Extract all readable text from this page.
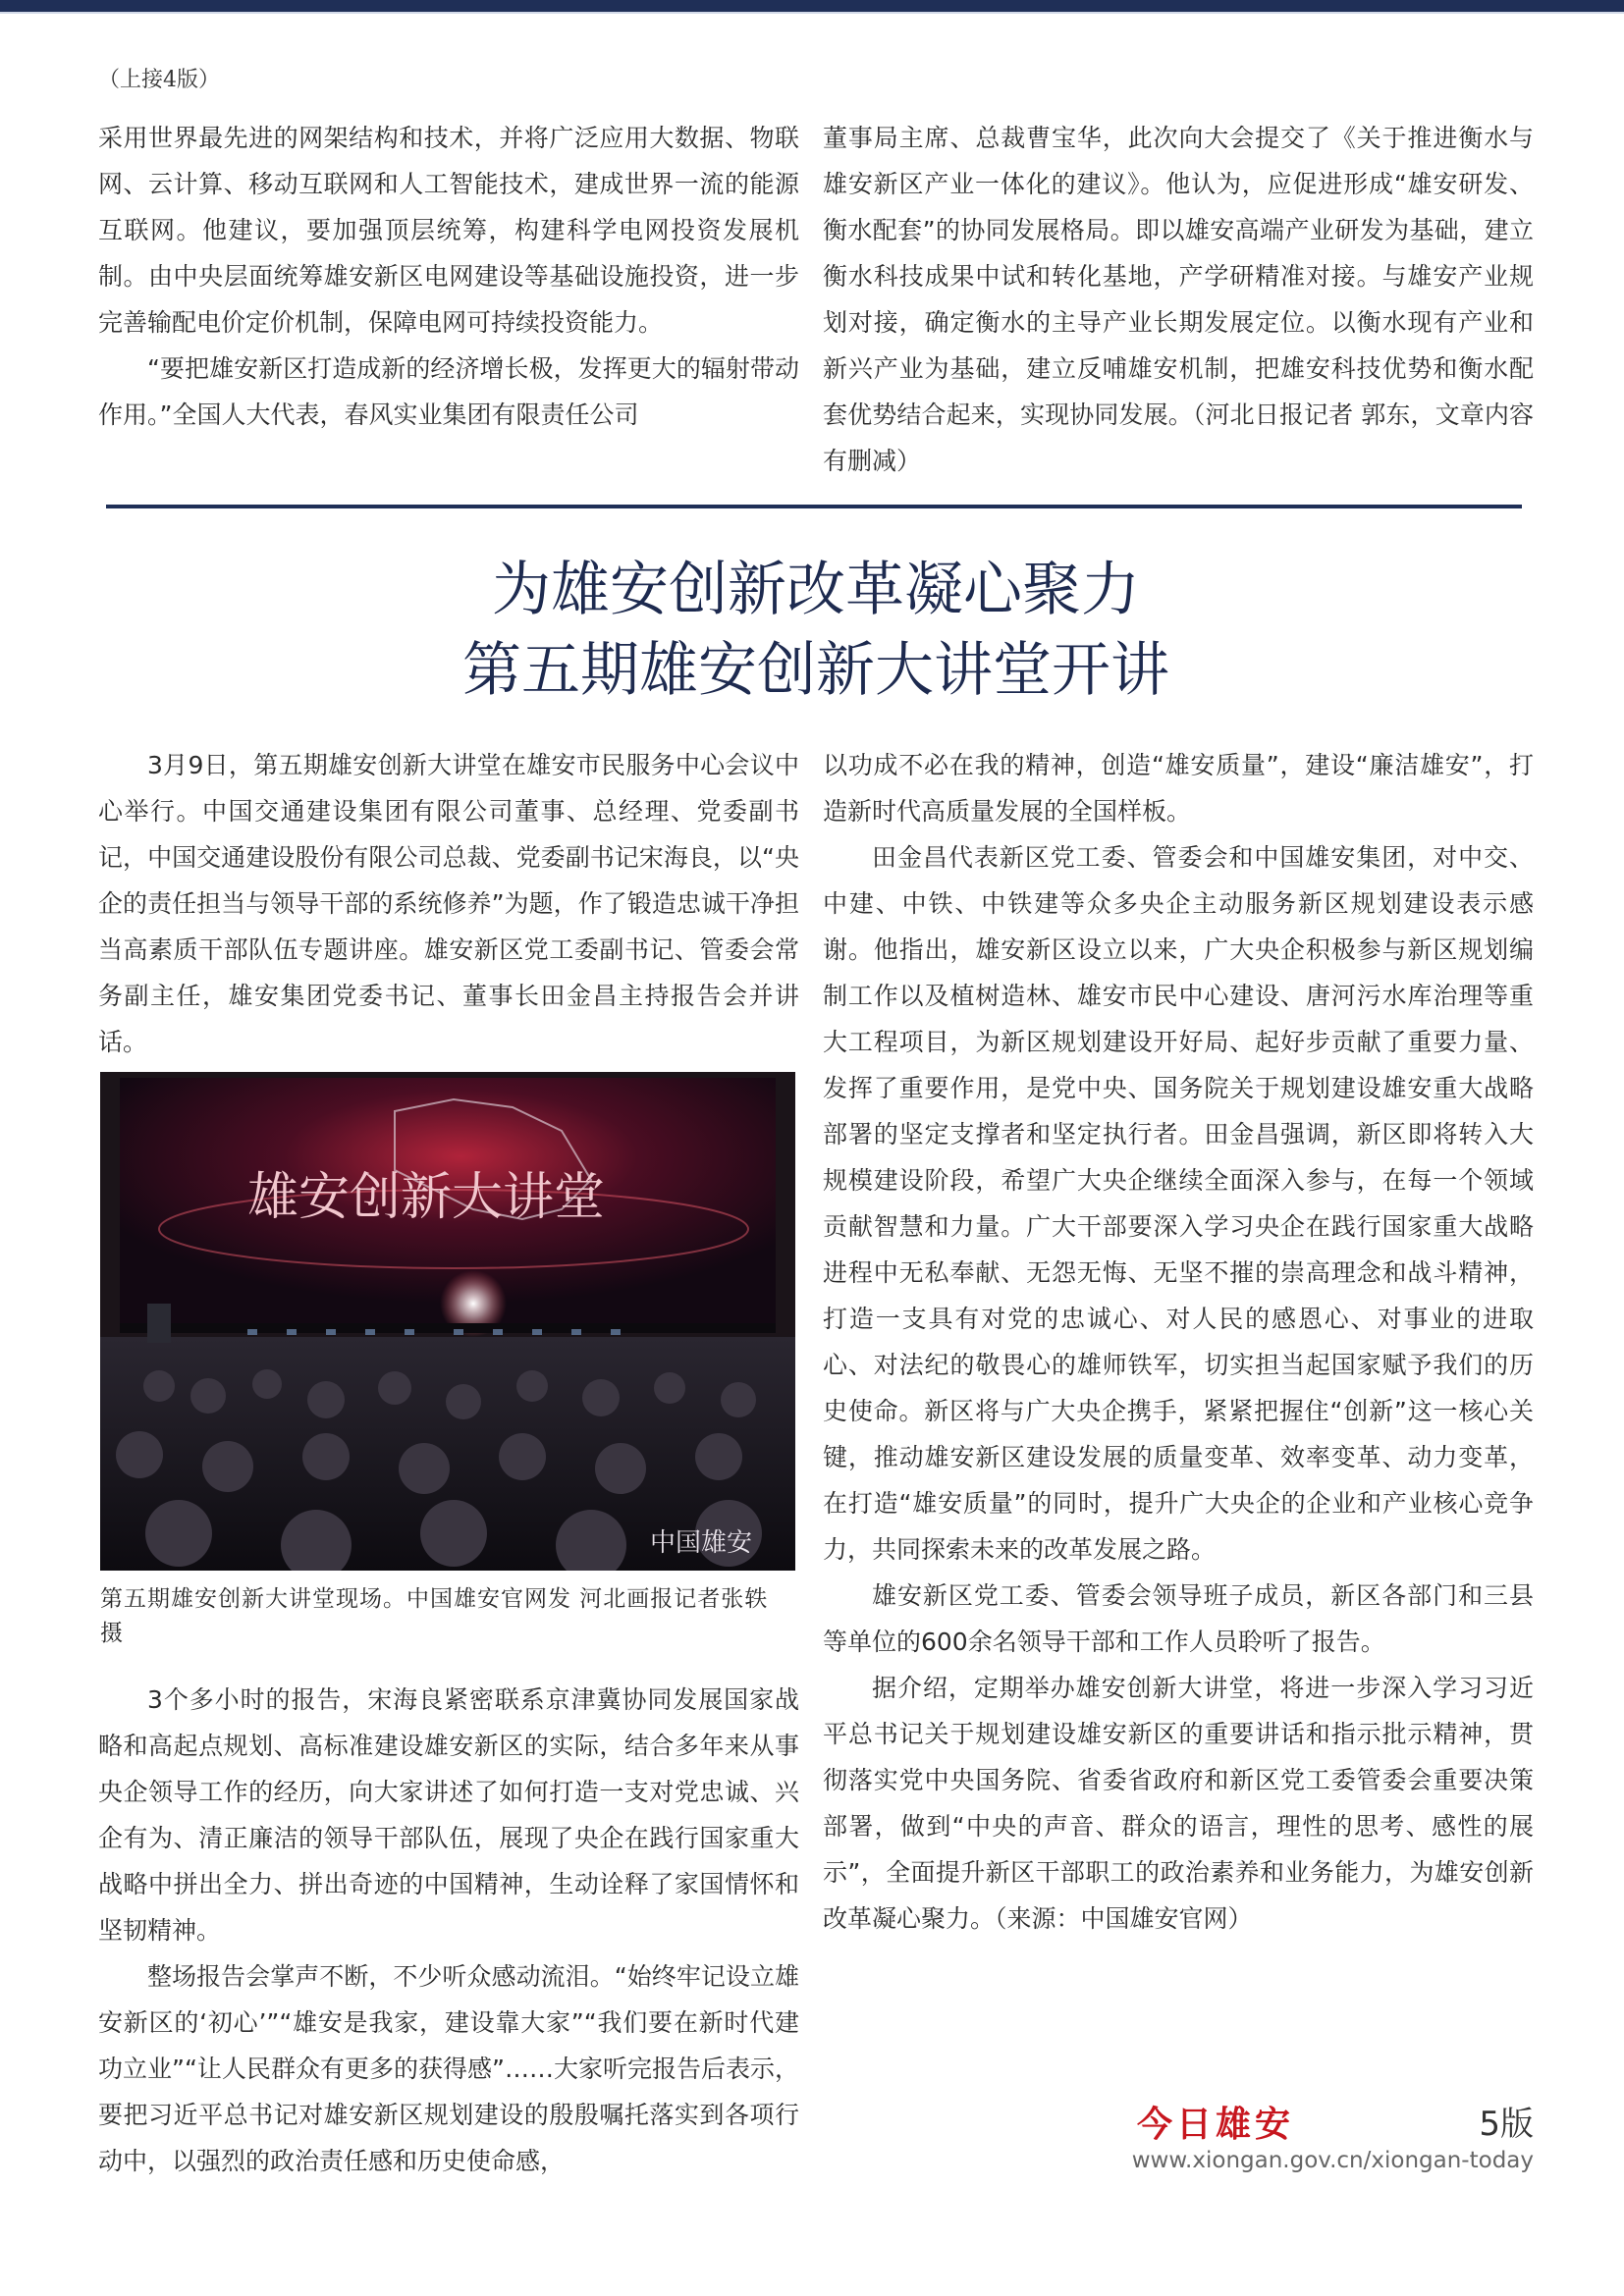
（上接4版）

采用世界最先进的网架结构和技术，并将广泛应用大数据、物联网、云计算、移动互联网和人工智能技术，建成世界一流的能源互联网。他建议，要加强顶层统筹，构建科学电网投资发展机制。由中央层面统筹雄安新区电网建设等基础设施投资，进一步完善输配电价定价机制，保障电网可持续投资能力。

“要把雄安新区打造成新的经济增长极，发挥更大的辐射带动作用。”全国人大代表，春风实业集团有限责任公司

董事局主席、总裁曹宝华，此次向大会提交了《关于推进衡水与雄安新区产业一体化的建议》。他认为，应促进形成“雄安研发、衡水配套”的协同发展格局。即以雄安高端产业研发为基础，建立衡水科技成果中试和转化基地，产学研精准对接。与雄安产业规划对接，确定衡水的主导产业长期发展定位。以衡水现有产业和新兴产业为基础，建立反哺雄安机制，把雄安科技优势和衡水配套优势结合起来，实现协同发展。（河北日报记者 郭东，文章内容有删减）

为雄安创新改革凝心聚力
第五期雄安创新大讲堂开讲

3月9日，第五期雄安创新大讲堂在雄安市民服务中心会议中心举行。中国交通建设集团有限公司董事、总经理、党委副书记，中国交通建设股份有限公司总裁、党委副书记宋海良，以“央企的责任担当与领导干部的系统修养”为题，作了锻造忠诚干净担当高素质干部队伍专题讲座。雄安新区党工委副书记、管委会常务副主任，雄安集团党委书记、董事长田金昌主持报告会并讲话。

雄安创新大讲堂
中国雄安
第五期雄安创新大讲堂现场。中国雄安官网发 河北画报记者张轶 摄

3个多小时的报告，宋海良紧密联系京津冀协同发展国家战略和高起点规划、高标准建设雄安新区的实际，结合多年来从事央企领导工作的经历，向大家讲述了如何打造一支对党忠诚、兴企有为、清正廉洁的领导干部队伍，展现了央企在践行国家重大战略中拼出全力、拼出奇迹的中国精神，生动诠释了家国情怀和坚韧精神。

整场报告会掌声不断，不少听众感动流泪。“始终牢记设立雄安新区的‘初心’”“雄安是我家，建设靠大家”“我们要在新时代建功立业”“让人民群众有更多的获得感”……大家听完报告后表示，要把习近平总书记对雄安新区规划建设的殷殷嘱托落实到各项行动中，以强烈的政治责任感和历史使命感，

以功成不必在我的精神，创造“雄安质量”，建设“廉洁雄安”，打造新时代高质量发展的全国样板。

田金昌代表新区党工委、管委会和中国雄安集团，对中交、中建、中铁、中铁建等众多央企主动服务新区规划建设表示感谢。他指出，雄安新区设立以来，广大央企积极参与新区规划编制工作以及植树造林、雄安市民中心建设、唐河污水库治理等重大工程项目，为新区规划建设开好局、起好步贡献了重要力量、发挥了重要作用，是党中央、国务院关于规划建设雄安重大战略部署的坚定支撑者和坚定执行者。田金昌强调，新区即将转入大规模建设阶段，希望广大央企继续全面深入参与，在每一个领域贡献智慧和力量。广大干部要深入学习央企在践行国家重大战略进程中无私奉献、无怨无悔、无坚不摧的崇高理念和战斗精神，打造一支具有对党的忠诚心、对人民的感恩心、对事业的进取心、对法纪的敬畏心的雄师铁军，切实担当起国家赋予我们的历史使命。新区将与广大央企携手，紧紧把握住“创新”这一核心关键，推动雄安新区建设发展的质量变革、效率变革、动力变革，在打造“雄安质量”的同时，提升广大央企的企业和产业核心竞争力，共同探索未来的改革发展之路。

雄安新区党工委、管委会领导班子成员，新区各部门和三县等单位的600余名领导干部和工作人员聆听了报告。

据介绍，定期举办雄安创新大讲堂，将进一步深入学习习近平总书记关于规划建设雄安新区的重要讲话和指示批示精神，贯彻落实党中央国务院、省委省政府和新区党工委管委会重要决策部署，做到“中央的声音、群众的语言，理性的思考、感性的展示”，全面提升新区干部职工的政治素养和业务能力，为雄安创新改革凝心聚力。（来源：中国雄安官网）

今日雄安	5版
www.xiongan.gov.cn/xiongan-today
